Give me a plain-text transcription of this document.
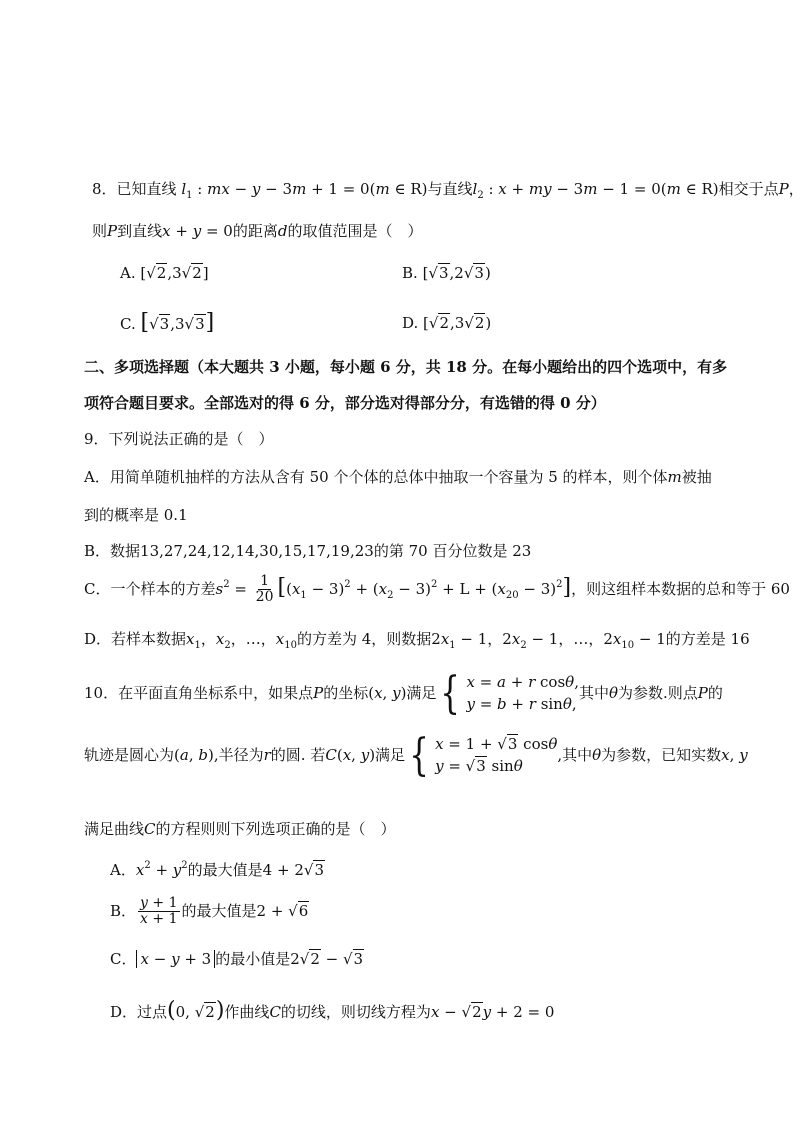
8．已知直线 $l_1$ : mx − y − 3m + 1 = 0(m ∈ R)与直线$l_2$ : x + my − 3m − 1 = 0(m ∈ R)相交于点P，
则P到直线x + y = 0的距离d的取值范围是（　）
A. [√2,3√2]	B. [√3,2√3)
C. [√3,3√3]	D. [√2,3√2)
二、多项选择题（本大题共 3 小题，每小题 6 分，共 18 分。在每小题给出的四个选项中，有多
项符合题目要求。全部选对的得 6 分，部分选对得部分分，有选错的得 0 分）
9．下列说法正确的是（　）
A．用简单随机抽样的方法从含有 50 个个体的总体中抽取一个容量为 5 的样本，则个体m被抽
到的概率是 0.1
B．数据13,27,24,12,14,30,15,17,19,23的第 70 百分位数是 23
C．一个样本的方差$s^2 = \frac{1}{20} [(x_1 - 3)^2 + (x_2 - 3)^2 + L + (x_{20} - 3)^2]$，则这组样本数据的总和等于 60
D．若样本数据$x_1$，$x_2$，…，$x_{10}$的方差为 4，则数据$2x_1 - 1$，$2x_2 - 1$，…，$2x_{10} - 1$的方差是 16
10．在平面直角坐标系中，如果点P的坐标(x, y)满足 { x = a + r cosθ,
y = b + r sinθ,
其中θ为参数.则点P的
轨迹是圆心为(a, b),半径为r的圆. 若C(x, y)满足 { x = 1 + √3 cosθ
y = √3 sinθ
,其中θ为参数，已知实数x, y
满足曲线C的方程则则下列选项正确的是（　）
A．$x^2 + y^2$的最大值是4 + 2√3
B． $\frac{y + 1}{x + 1}$ 的最大值是2 + √6
C． x − y + 3 的最小值是2√2 − √3
D．过点(0, √2)作曲线C的切线，则切线方程为x − √2y + 2 = 0
